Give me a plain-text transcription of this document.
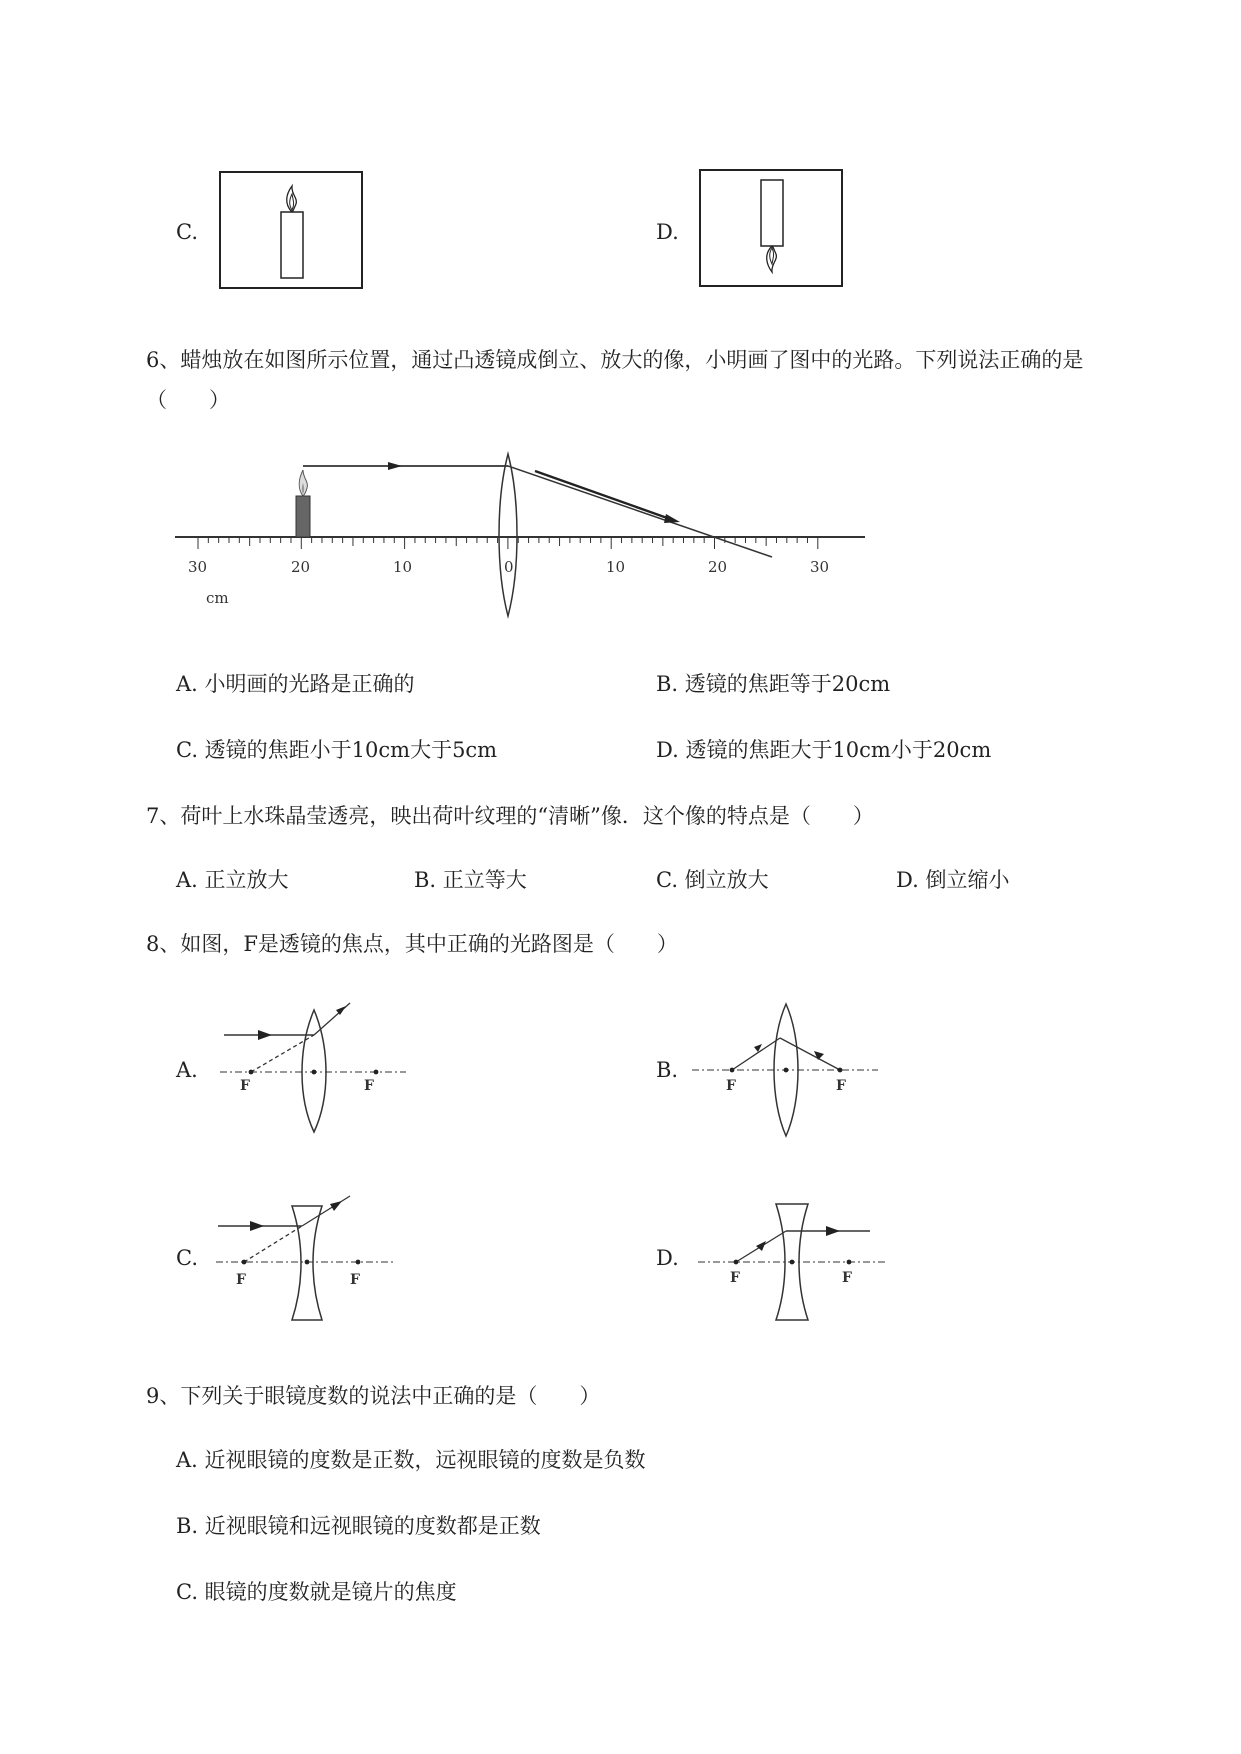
C.	D.
6、蜡烛放在如图所示位置，通过凸透镜成倒立、放大的像，小明画了图中的光路。下列说法正确的是
（　　）
30	20	10	0	10	20	30
cm
A. 小明画的光路是正确的	B. 透镜的焦距等于20cm
C. 透镜的焦距小于10cm大于5cm	D. 透镜的焦距大于10cm小于20cm
7、荷叶上水珠晶莹透亮，映出荷叶纹理的“清晰”像．这个像的特点是（　　）
A. 正立放大	B. 正立等大	C. 倒立放大	D. 倒立缩小
8、如图，F是透镜的焦点，其中正确的光路图是（　　）
A.
F	F
B.
F	F
C.
F	F
D.
F	F
9、下列关于眼镜度数的说法中正确的是（　　）
A. 近视眼镜的度数是正数，远视眼镜的度数是负数
B. 近视眼镜和远视眼镜的度数都是正数
C. 眼镜的度数就是镜片的焦度
